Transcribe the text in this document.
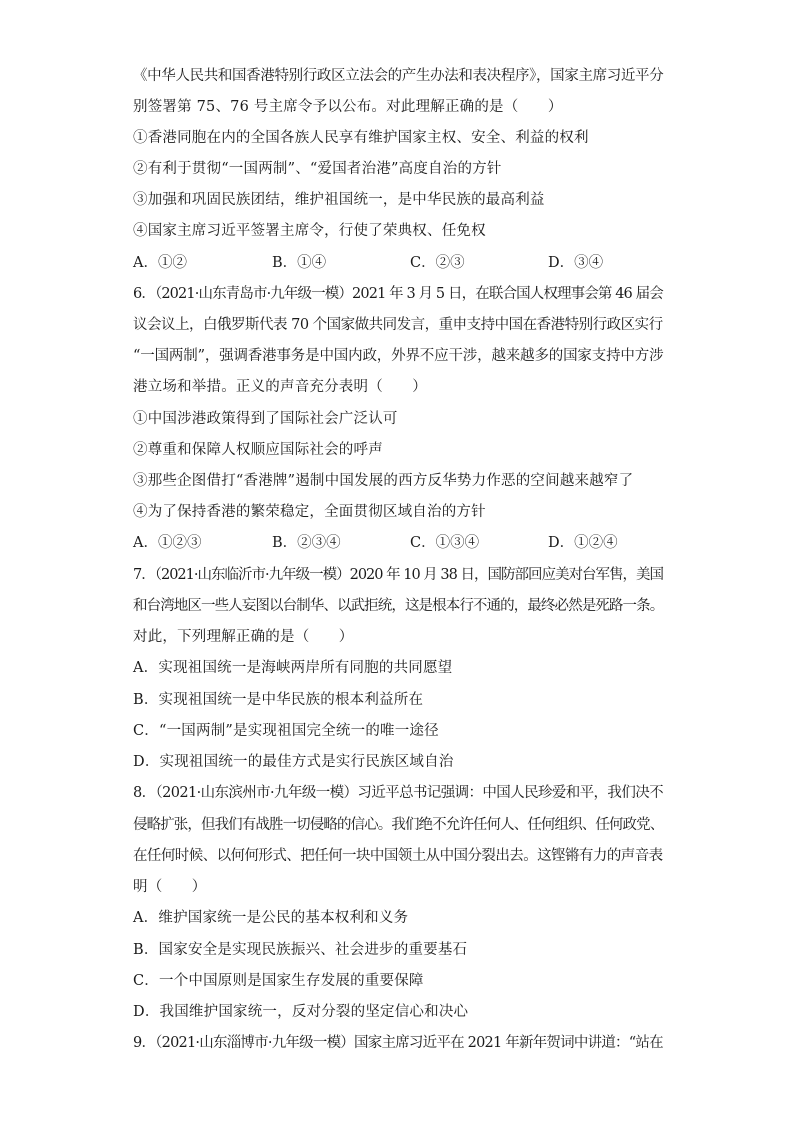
《中华人民共和国香港特别行政区立法会的产生办法和表决程序》，国家主席习近平分
别签署第 75、76 号主席令予以公布。对此理解正确的是（　　）
①香港同胞在内的全国各族人民享有维护国家主权、安全、利益的权利
②有利于贯彻“一国两制”、“爱国者治港”高度自治的方针
③加强和巩固民族团结，维护祖国统一，是中华民族的最高利益
④国家主席习近平签署主席令，行使了荣典权、任免权
A．①②	B．①④	C．②③	D．③④
6．（2021·山东青岛市·九年级一模）2021 年 3 月 5 日，在联合国人权理事会第 46 届会
议会议上，白俄罗斯代表 70 个国家做共同发言，重申支持中国在香港特别行政区实行
“一国两制”，强调香港事务是中国内政，外界不应干涉，越来越多的国家支持中方涉
港立场和举措。正义的声音充分表明（　　）
①中国涉港政策得到了国际社会广泛认可
②尊重和保障人权顺应国际社会的呼声
③那些企图借打“香港牌”遏制中国发展的西方反华势力作恶的空间越来越窄了
④为了保持香港的繁荣稳定，全面贯彻区域自治的方针
A．①②③	B．②③④	C．①③④	D．①②④
7．（2021·山东临沂市·九年级一模）2020 年 10 月 38 日，国防部回应美对台军售，美国
和台湾地区一些人妄图以台制华、以武拒统，这是根本行不通的，最终必然是死路一条。
对此，下列理解正确的是（　　）
A．实现祖国统一是海峡两岸所有同胞的共同愿望
B．实现祖国统一是中华民族的根本利益所在
C．“一国两制”是实现祖国完全统一的唯一途径
D．实现祖国统一的最佳方式是实行民族区域自治
8．（2021·山东滨州市·九年级一模）习近平总书记强调：中国人民珍爱和平，我们决不
侵略扩张，但我们有战胜一切侵略的信心。我们绝不允许任何人、任何组织、任何政党、
在任何时候、以何何形式、把任何一块中国领土从中国分裂出去。这铿锵有力的声音表
明（　　）
A．维护国家统一是公民的基本权利和义务
B．国家安全是实现民族振兴、社会进步的重要基石
C．一个中国原则是国家生存发展的重要保障
D．我国维护国家统一，反对分裂的坚定信心和决心
9．（2021·山东淄博市·九年级一模）国家主席习近平在 2021 年新年贺词中讲道：“站在
